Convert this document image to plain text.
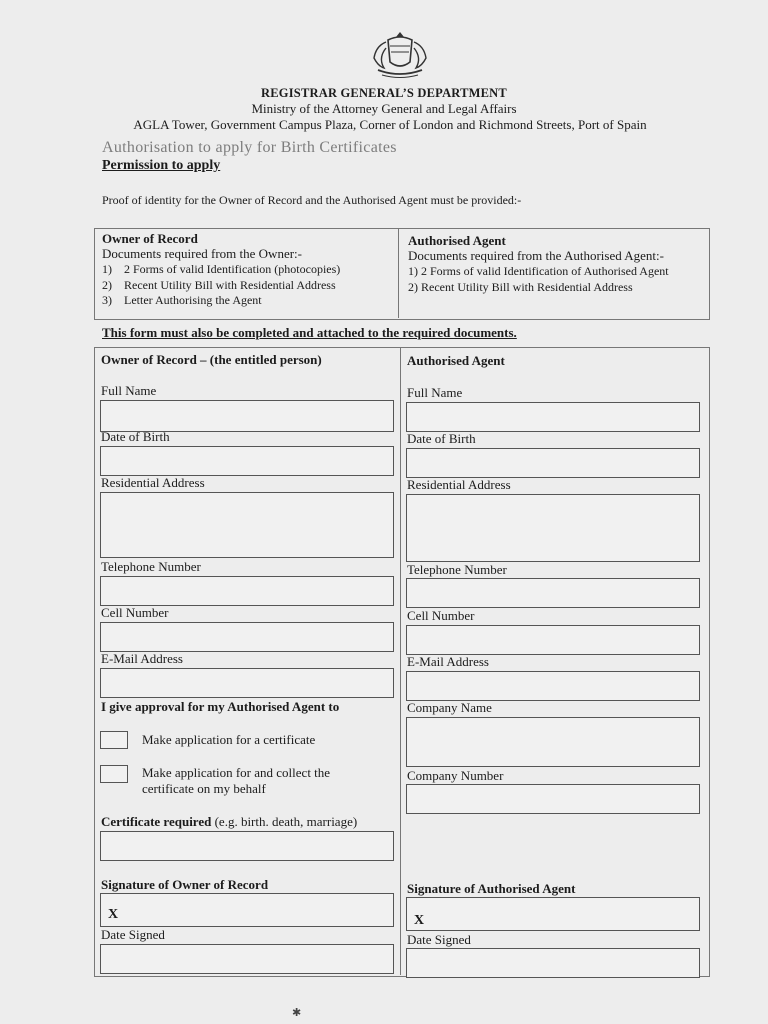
REGISTRAR GENERAL’S DEPARTMENT
Ministry of the Attorney General and Legal Affairs
AGLA Tower, Government Campus Plaza, Corner of London and Richmond Streets, Port of Spain
Authorisation to apply for Birth Certificates
Permission to apply
Proof of identity for the Owner of Record and the Authorised Agent must be provided:-
Owner of Record
Documents required from the Owner:-
1) 2 Forms of valid Identification (photocopies)
2) Recent Utility Bill with Residential Address
3) Letter Authorising the Agent
Authorised Agent
Documents required from the Authorised Agent:-
1) 2 Forms of valid Identification of Authorised Agent
2) Recent Utility Bill with Residential Address
This form must also be completed and attached to the required documents.
Owner of Record – (the entitled person)
Full Name
Date of Birth
Residential Address
Telephone Number
Cell Number
E-Mail Address
I give approval for my Authorised Agent to
Make application for a certificate
Make application for and collect the
certificate on my behalf
Certificate required (e.g. birth. death, marriage)
Signature of Owner of Record
X
Date Signed
Authorised Agent
Full Name
Date of Birth
Residential Address
Telephone Number
Cell Number
E-Mail Address
Company Name
Company Number
Signature of Authorised Agent
X
Date Signed
✱
